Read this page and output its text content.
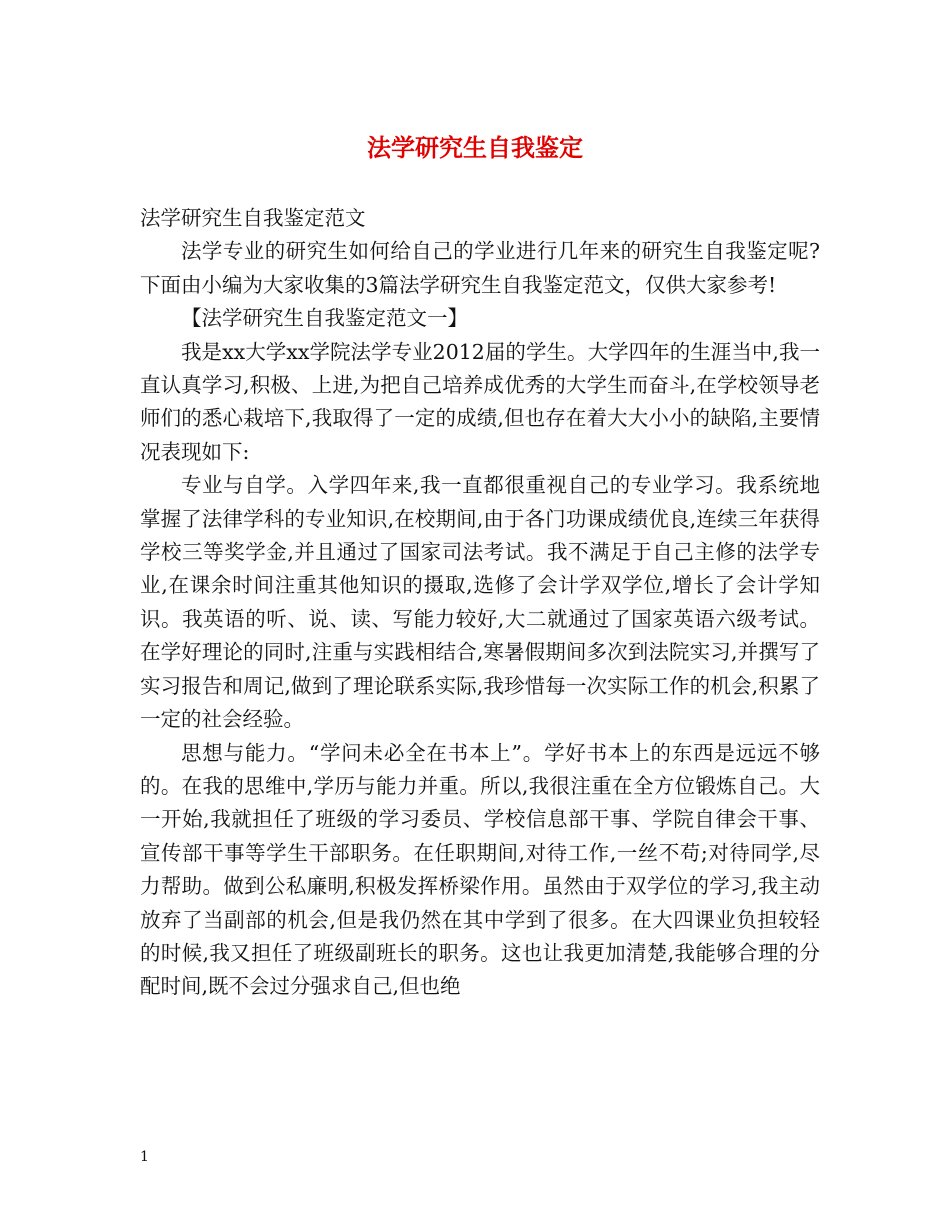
法学研究生自我鉴定

法学研究生自我鉴定范文

法学专业的研究生如何给自己的学业进行几年来的研究生自我鉴定呢?下面由小编为大家收集的3篇法学研究生自我鉴定范文，仅供大家参考!

【法学研究生自我鉴定范文一】

我是xx大学xx学院法学专业2012届的学生。大学四年的生涯当中,我一直认真学习,积极、上进,为把自己培养成优秀的大学生而奋斗,在学校领导老师们的悉心栽培下,我取得了一定的成绩,但也存在着大大小小的缺陷,主要情况表现如下:

专业与自学。入学四年来,我一直都很重视自己的专业学习。我系统地掌握了法律学科的专业知识,在校期间,由于各门功课成绩优良,连续三年获得学校三等奖学金,并且通过了国家司法考试。我不满足于自己主修的法学专业,在课余时间注重其他知识的摄取,选修了会计学双学位,增长了会计学知识。我英语的听、说、读、写能力较好,大二就通过了国家英语六级考试。在学好理论的同时,注重与实践相结合,寒暑假期间多次到法院实习,并撰写了实习报告和周记,做到了理论联系实际,我珍惜每一次实际工作的机会,积累了一定的社会经验。

思想与能力。“学问未必全在书本上”。学好书本上的东西是远远不够的。在我的思维中,学历与能力并重。所以,我很注重在全方位锻炼自己。大一开始,我就担任了班级的学习委员、学校信息部干事、学院自律会干事、宣传部干事等学生干部职务。在任职期间,对待工作,一丝不苟;对待同学,尽力帮助。做到公私廉明,积极发挥桥梁作用。虽然由于双学位的学习,我主动放弃了当副部的机会,但是我仍然在其中学到了很多。在大四课业负担较轻的时候,我又担任了班级副班长的职务。这也让我更加清楚,我能够合理的分配时间,既不会过分强求自己,但也绝

1
